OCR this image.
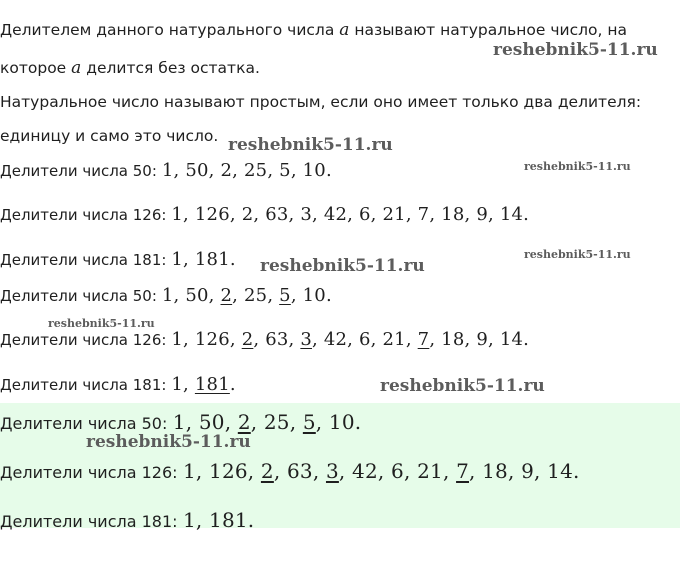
Делителем данного натурального числа a называют натуральное число, на
которое a делится без остатка.
Натуральное число называют простым, если оно имеет только два делителя:
единицу и само это число.
Делители числа 50: 1, 50, 2, 25, 5, 10.
Делители числа 126: 1, 126, 2, 63, 3, 42, 6, 21, 7, 18, 9, 14.
Делители числа 181: 1, 181.
Делители числа 50: 1, 50, 2, 25, 5, 10.
Делители числа 126: 1, 126, 2, 63, 3, 42, 6, 21, 7, 18, 9, 14.
Делители числа 181: 1, 181.
Делители числа 50: 1, 50, 2, 25, 5, 10.
Делители числа 126: 1, 126, 2, 63, 3, 42, 6, 21, 7, 18, 9, 14.
Делители числа 181: 1, 181.
reshebnik5-11.ru
reshebnik5-11.ru
reshebnik5-11.ru
reshebnik5-11.ru
reshebnik5-11.ru
reshebnik5-11.ru
reshebnik5-11.ru
reshebnik5-11.ru
